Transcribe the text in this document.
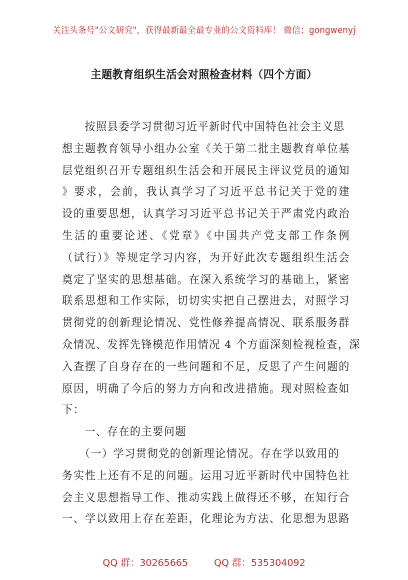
关注头条号"公文研究"，获得最新最全最专业的公文资料库！ 微信：gongwenyj
主题教育组织生活会对照检查材料（四个方面）
　　按照县委学习贯彻习近平新时代中国特色社会主义思
想主题教育领导小组办公室《关于第二批主题教育单位基
层党组织召开专题组织生活会和开展民主评议党员的通知
》要求，会前，我认真学习了习近平总书记关于党的建
设的重要思想，认真学习习近平总书记关于严肃党内政治
生活的重要论述、《党章》《中国共产党支部工作条例
（试行）》等规定学习内容，为开好此次专题组织生活会
奠定了坚实的思想基础。在深入系统学习的基础上，紧密
联系思想和工作实际，切切实实把自己摆进去，对照学习
贯彻党的创新理论情况、党性修养提高情况、联系服务群
众情况、发挥先锋模范作用情况 4 个方面深刻检视检查，深
入查摆了自身存在的一些问题和不足，反思了产生问题的
原因，明确了今后的努力方向和改进措施。现对照检查如
下：
　　一、存在的主要问题
　　（一）学习贯彻党的创新理论情况。存在学以致用的
务实性上还有不足的问题。运用习近平新时代中国特色社
会主义思想指导工作、推动实践上做得还不够，在知行合
一、学以致用上存在差距，化理论为方法、化思想为思路
QQ 群：30265665	QQ 群：535304092
